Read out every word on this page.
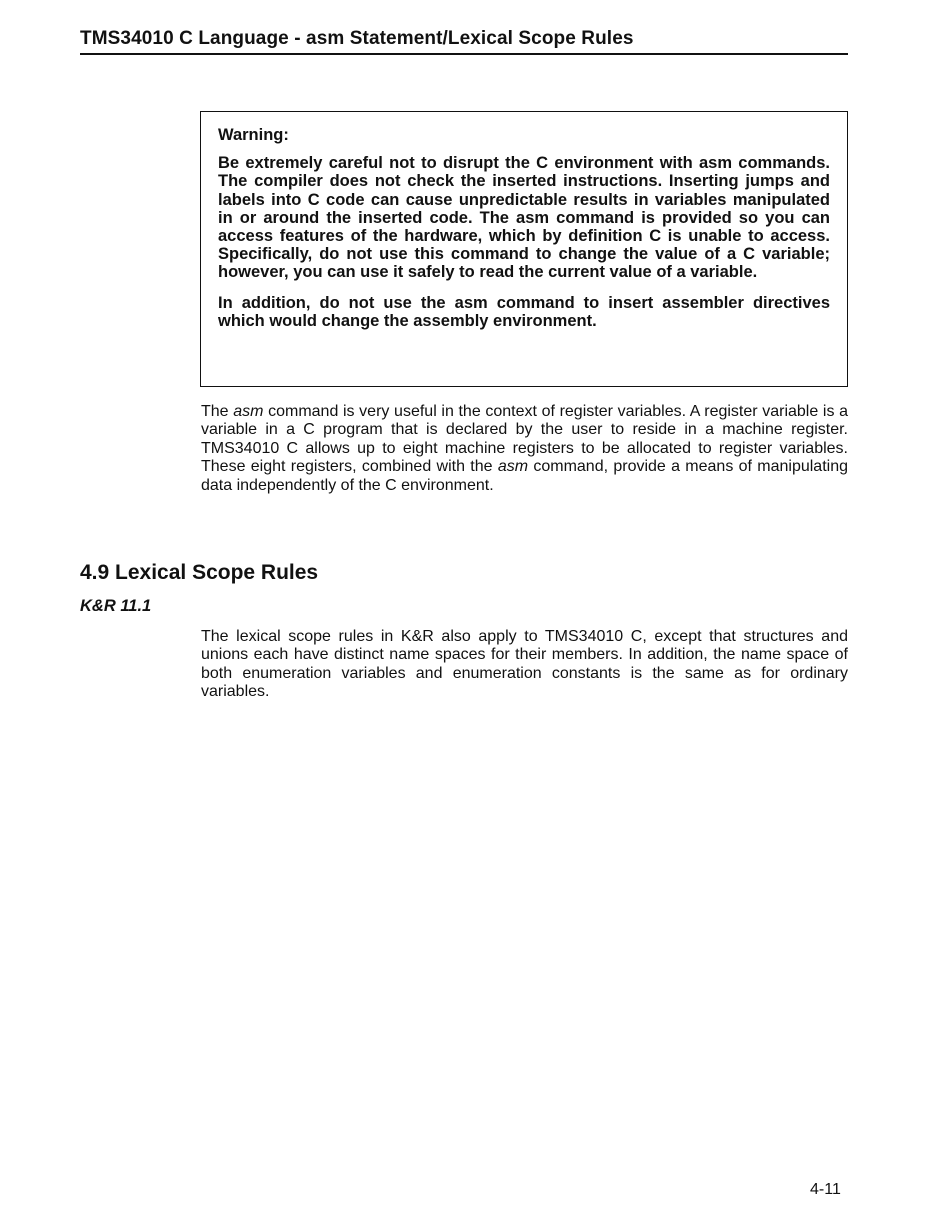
TMS34010 C Language - asm Statement/Lexical Scope Rules

Warning:

Be extremely careful not to disrupt the C environment with asm commands. The compiler does not check the inserted instructions. Inserting jumps and labels into C code can cause unpredictable results in variables manipulated in or around the inserted code. The asm command is provided so you can access features of the hardware, which by definition C is unable to access. Specifically, do not use this command to change the value of a C variable; however, you can use it safely to read the current value of a variable.

In addition, do not use the asm command to insert assembler directives which would change the assembly environment.

The asm command is very useful in the context of register variables. A register variable is a variable in a C program that is declared by the user to reside in a machine register. TMS34010 C allows up to eight machine registers to be allocated to register variables. These eight registers, combined with the asm command, provide a means of manipulating data independently of the C environment.
4.9 Lexical Scope Rules
K&R 11.1
The lexical scope rules in K&R also apply to TMS34010 C, except that structures and unions each have distinct name spaces for their members. In addition, the name space of both enumeration variables and enumeration constants is the same as for ordinary variables.
4-11
